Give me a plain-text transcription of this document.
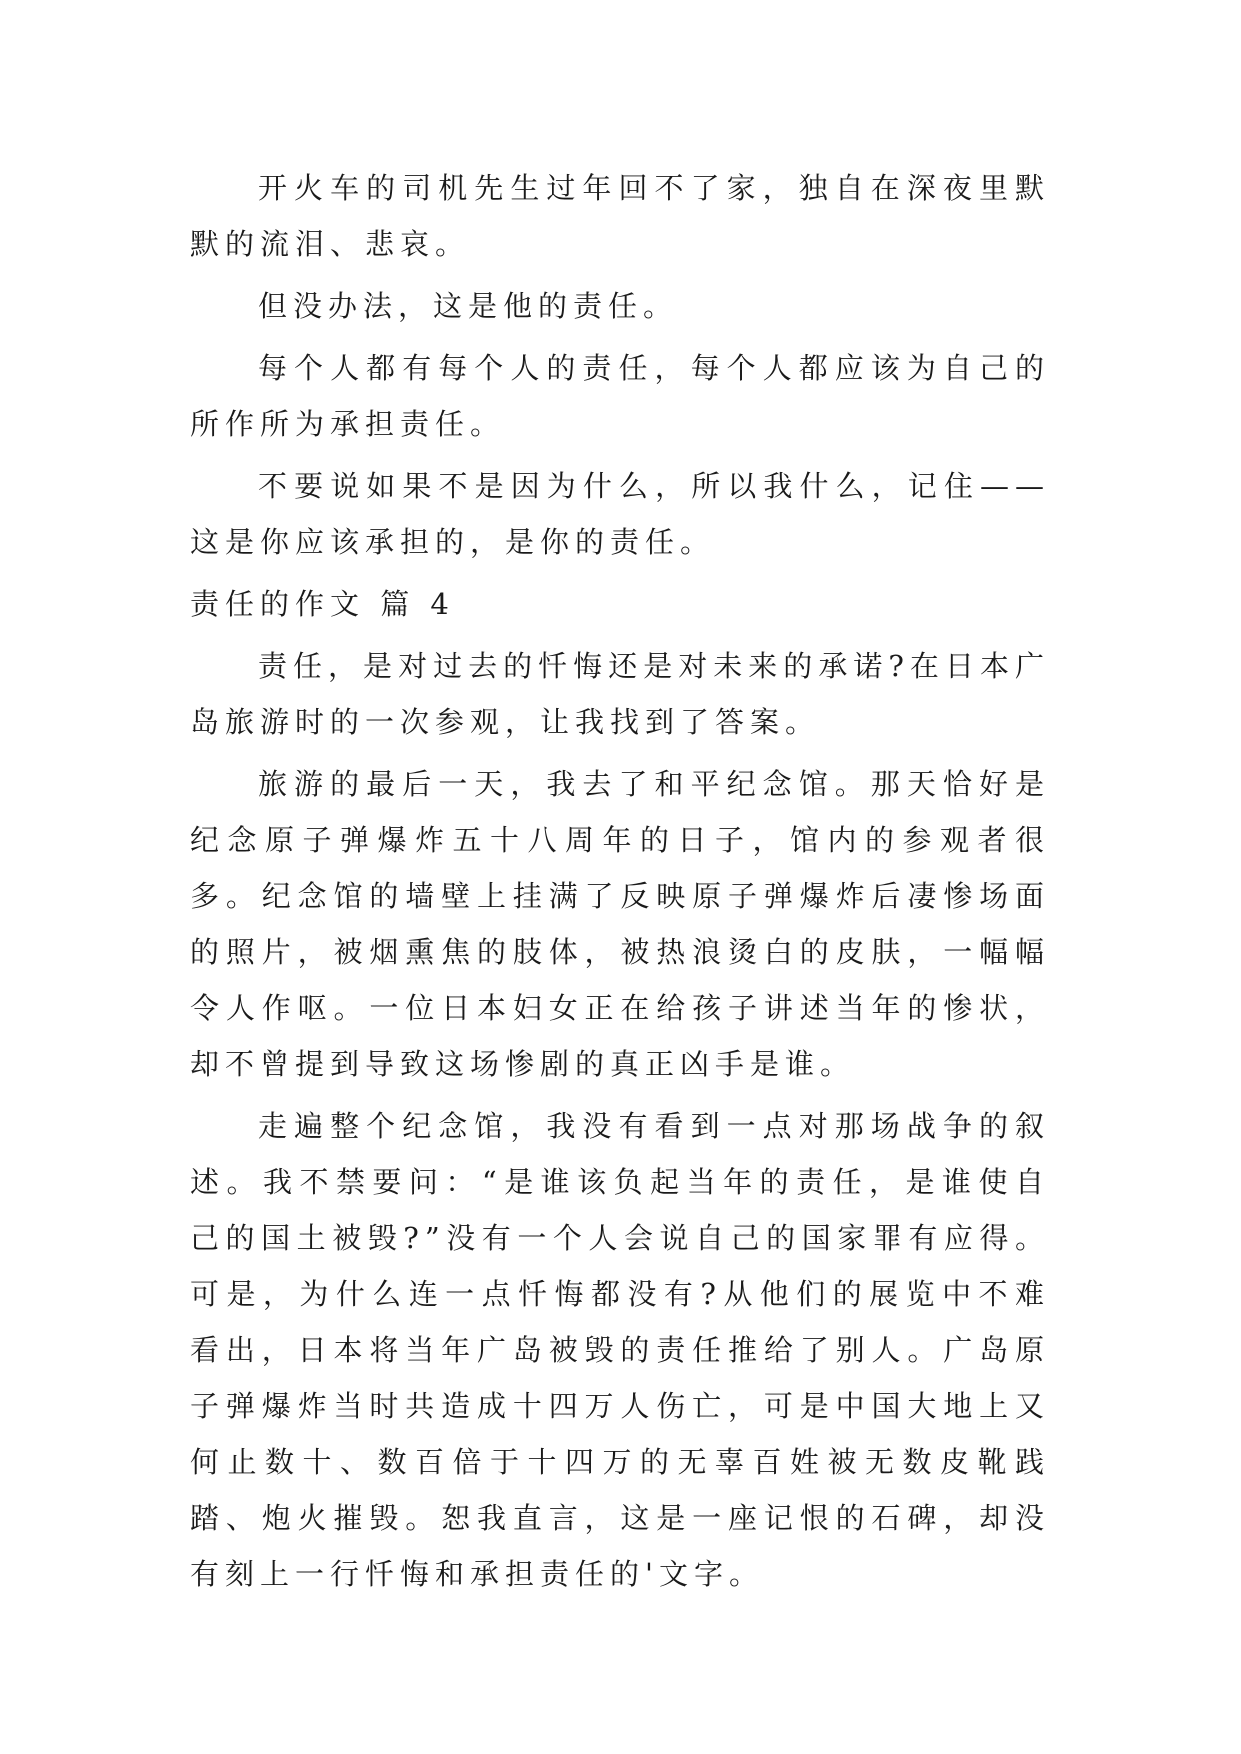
开火车的司机先生过年回不了家，独自在深夜里默默的流泪、悲哀。

但没办法，这是他的责任。

每个人都有每个人的责任，每个人都应该为自己的所作所为承担责任。

不要说如果不是因为什么，所以我什么，记住——这是你应该承担的，是你的责任。

责任的作文 篇 4

责任，是对过去的忏悔还是对未来的承诺?在日本广岛旅游时的一次参观，让我找到了答案。

旅游的最后一天，我去了和平纪念馆。那天恰好是纪念原子弹爆炸五十八周年的日子，馆内的参观者很多。纪念馆的墙壁上挂满了反映原子弹爆炸后凄惨场面的照片，被烟熏焦的肢体，被热浪烫白的皮肤，一幅幅令人作呕。一位日本妇女正在给孩子讲述当年的惨状，却不曾提到导致这场惨剧的真正凶手是谁。

走遍整个纪念馆，我没有看到一点对那场战争的叙述。我不禁要问：“是谁该负起当年的责任，是谁使自己的国土被毁?”没有一个人会说自己的国家罪有应得。可是，为什么连一点忏悔都没有?从他们的展览中不难看出，日本将当年广岛被毁的责任推给了别人。广岛原子弹爆炸当时共造成十四万人伤亡，可是中国大地上又何止数十、数百倍于十四万的无辜百姓被无数皮靴践踏、炮火摧毁。恕我直言，这是一座记恨的石碑，却没有刻上一行忏悔和承担责任的'文字。
